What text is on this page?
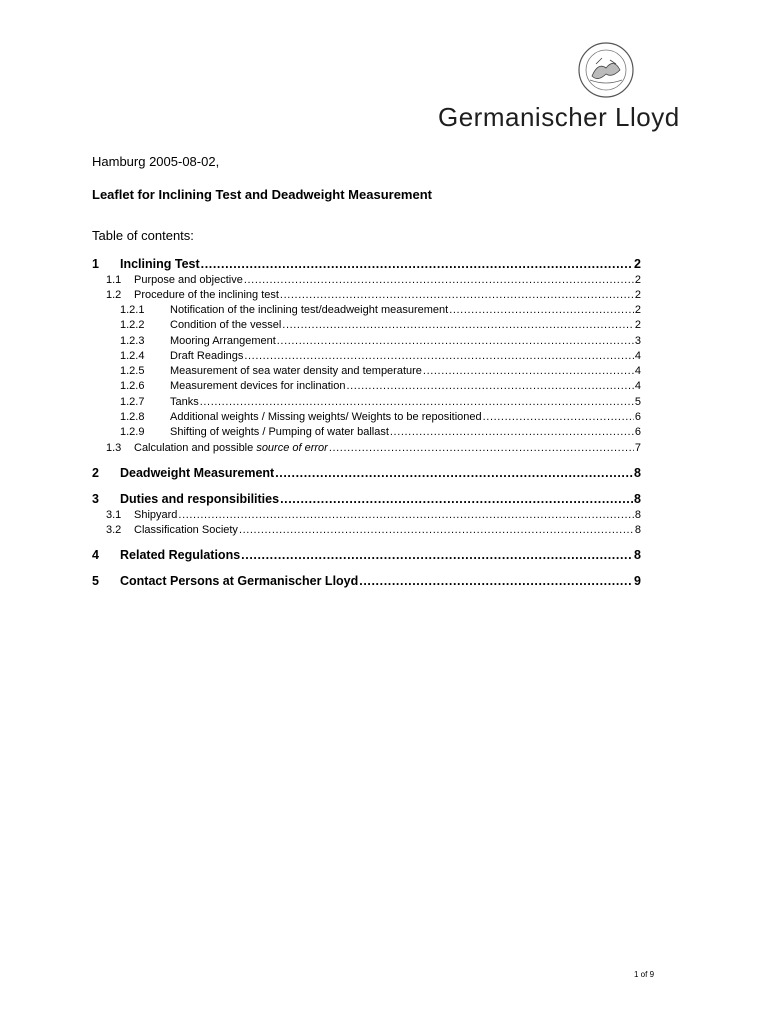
Germanischer Lloyd

Hamburg 2005-08-02,

Leaflet for Inclining Test and Deadweight Measurement

Table of contents:

1	Inclining Test .....	2
1.1	Purpose and objective .....	2
1.2	Procedure of the inclining test .....	2
1.2.1	Notification of the inclining test/deadweight measurement .....	2
1.2.2	Condition of the vessel .....	2
1.2.3	Mooring Arrangement .....	3
1.2.4	Draft Readings .....	4
1.2.5	Measurement of sea water density and temperature .....	4
1.2.6	Measurement devices for inclination .....	4
1.2.7	Tanks .....	5
1.2.8	Additional weights / Missing weights/ Weights to be repositioned .....	6
1.2.9	Shifting of weights / Pumping of water ballast .....	6
1.3	Calculation and possible source of error .....	7
2	Deadweight Measurement .....	8
3	Duties and responsibilities .....	8
3.1	Shipyard .....	8
3.2	Classification Society .....	8
4	Related Regulations .....	8
5	Contact Persons at Germanischer Lloyd .....	9
1 of 9
